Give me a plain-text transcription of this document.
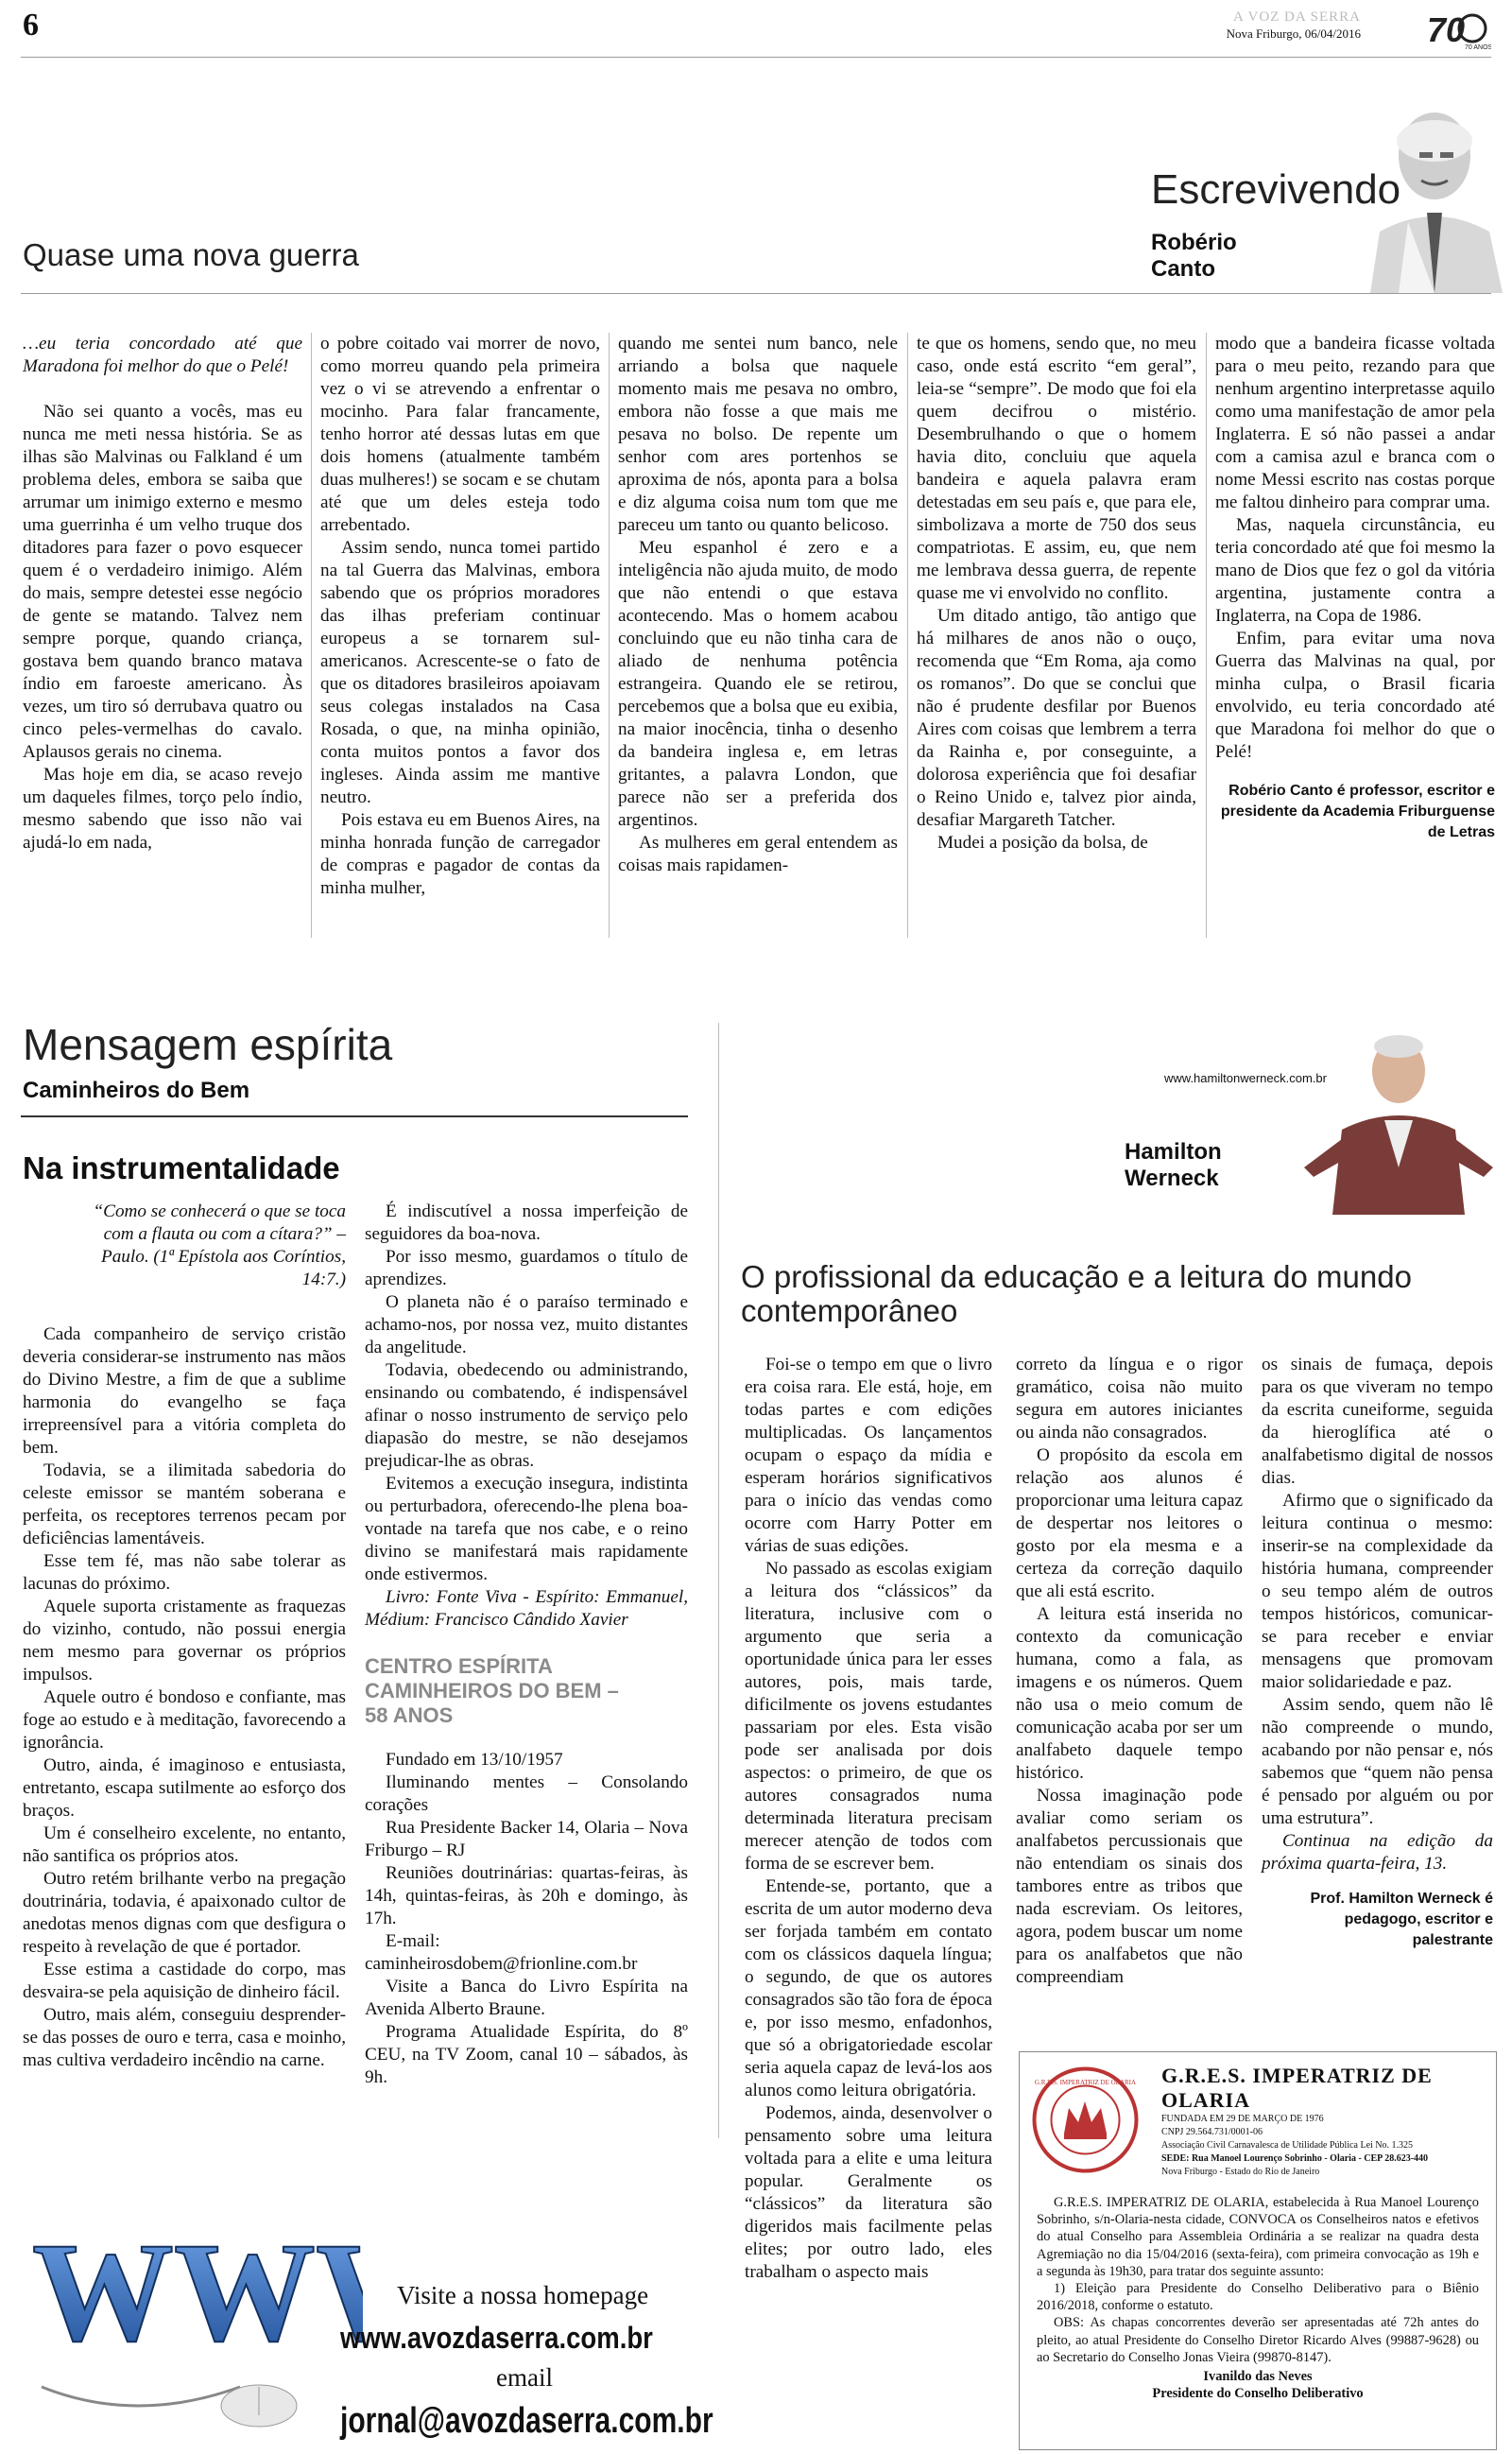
6	A VOZ DA SERRA
Nova Friburgo, 06/04/2016 70 70 ANOS
Escrevivendo
Robério
Canto
Quase uma nova guerra

…eu teria concordado até que Maradona foi melhor do que o Pelé!

Não sei quanto a vocês, mas eu nunca me meti nessa história. Se as ilhas são Malvinas ou Falkland é um problema deles, embora se saiba que arrumar um inimigo externo e mesmo uma guerrinha é um velho truque dos ditadores para fazer o povo esquecer quem é o verdadeiro inimigo. Além do mais, sempre detestei esse negócio de gente se matando. Talvez nem sempre porque, quando criança, gostava bem quando branco matava índio em faroeste americano. Às vezes, um tiro só derrubava quatro ou cinco peles-vermelhas do cavalo. Aplausos gerais no cinema.

Mas hoje em dia, se acaso revejo um daqueles filmes, torço pelo índio, mesmo sabendo que isso não vai ajudá-lo em nada,

o pobre coitado vai morrer de novo, como morreu quando pela primeira vez o vi se atrevendo a enfrentar o mocinho. Para falar francamente, tenho horror até dessas lutas em que dois homens (atualmente também duas mulheres!) se socam e se chutam até que um deles esteja todo arrebentado.

Assim sendo, nunca tomei partido na tal Guerra das Malvinas, embora sabendo que os próprios moradores das ilhas preferiam continuar europeus a se tornarem sul-americanos. Acrescente-se o fato de que os ditadores brasileiros apoiavam seus colegas instalados na Casa Rosada, o que, na minha opinião, conta muitos pontos a favor dos ingleses. Ainda assim me mantive neutro.

Pois estava eu em Buenos Aires, na minha honrada função de carregador de compras e pagador de contas da minha mulher,

quando me sentei num banco, nele arriando a bolsa que naquele momento mais me pesava no ombro, embora não fosse a que mais me pesava no bolso. De repente um senhor com ares portenhos se aproxima de nós, aponta para a bolsa e diz alguma coisa num tom que me pareceu um tanto ou quanto belicoso.

Meu espanhol é zero e a inteligência não ajuda muito, de modo que não entendi o que estava acontecendo. Mas o homem acabou concluindo que eu não tinha cara de aliado de nenhuma potência estrangeira. Quando ele se retirou, percebemos que a bolsa que eu exibia, na maior inocência, tinha o desenho da bandeira inglesa e, em letras gritantes, a palavra London, que parece não ser a preferida dos argentinos.

As mulheres em geral entendem as coisas mais rapidamen-

te que os homens, sendo que, no meu caso, onde está escrito “em geral”, leia-se “sempre”. De modo que foi ela quem decifrou o mistério. Desembrulhando o que o homem havia dito, concluiu que aquela bandeira e aquela palavra eram detestadas em seu país e, que para ele, simbolizava a morte de 750 dos seus compatriotas. E assim, eu, que nem me lembrava dessa guerra, de repente quase me vi envolvido no conflito.

Um ditado antigo, tão antigo que há milhares de anos não o ouço, recomenda que “Em Roma, aja como os romanos”. Do que se conclui que não é prudente desfilar por Buenos Aires com coisas que lembrem a terra da Rainha e, por conseguinte, a dolorosa experiência que foi desafiar o Reino Unido e, talvez pior ainda, desafiar Margareth Tatcher.

Mudei a posição da bolsa, de

modo que a bandeira ficasse voltada para o meu peito, rezando para que nenhum argentino interpretasse aquilo como uma manifestação de amor pela Inglaterra. E só não passei a andar com a camisa azul e branca com o nome Messi escrito nas costas porque me faltou dinheiro para comprar uma.

Mas, naquela circunstância, eu teria concordado até que foi mesmo la mano de Dios que fez o gol da vitória argentina, justamente contra a Inglaterra, na Copa de 1986.

Enfim, para evitar uma nova Guerra das Malvinas na qual, por minha culpa, o Brasil ficaria envolvido, eu teria concordado até que Maradona foi melhor do que o Pelé!

Robério Canto é professor, escritor e presidente da Academia Friburguense de Letras
Mensagem espírita
Caminheiros do Bem
Na instrumentalidade

“Como se conhecerá o que se toca com a flauta ou com a cítara?” – Paulo. (1ª Epístola aos Coríntios, 14:7.)

Cada companheiro de serviço cristão deveria considerar-se instrumento nas mãos do Divino Mestre, a fim de que a sublime harmonia do evangelho se faça irrepreensível para a vitória completa do bem.

Todavia, se a ilimitada sabedoria do celeste emissor se mantém soberana e perfeita, os receptores terrenos pecam por deficiências lamentáveis.

Esse tem fé, mas não sabe tolerar as lacunas do próximo.

Aquele suporta cristamente as fraquezas do vizinho, contudo, não possui energia nem mesmo para governar os próprios impulsos.

Aquele outro é bondoso e confiante, mas foge ao estudo e à meditação, favorecendo a ignorância.

Outro, ainda, é imaginoso e entusiasta, entretanto, escapa sutilmente ao esforço dos braços.

Um é conselheiro excelente, no entanto, não santifica os próprios atos.

Outro retém brilhante verbo na pregação doutrinária, todavia, é apaixonado cultor de anedotas menos dignas com que desfigura o respeito à revelação de que é portador.

Esse estima a castidade do corpo, mas desvaira-se pela aquisição de dinheiro fácil.

Outro, mais além, conseguiu desprender-se das posses de ouro e terra, casa e moinho, mas cultiva verdadeiro incêndio na carne.

É indiscutível a nossa imperfeição de seguidores da boa-nova.

Por isso mesmo, guardamos o título de aprendizes.

O planeta não é o paraíso terminado e achamo-nos, por nossa vez, muito distantes da angelitude.

Todavia, obedecendo ou administrando, ensinando ou combatendo, é indispensável afinar o nosso instrumento de serviço pelo diapasão do mestre, se não desejamos prejudicar-lhe as obras.

Evitemos a execução insegura, indistinta ou perturbadora, oferecendo-lhe plena boa-vontade na tarefa que nos cabe, e o reino divino se manifestará mais rapidamente onde estivermos.

Livro: Fonte Viva - Espírito: Emmanuel, Médium: Francisco Cândido Xavier

CENTRO ESPÍRITA CAMINHEIROS DO BEM – 58 ANOS

Fundado em 13/10/1957

Iluminando mentes – Consolando corações

Rua Presidente Backer 14, Olaria – Nova Friburgo – RJ

Reuniões doutrinárias: quartas-feiras, às 14h, quintas-feiras, às 20h e domingo, às 17h.

E-mail: caminheirosdobem@frionline.com.br

Visite a Banca do Livro Espírita na Avenida Alberto Braune.

Programa Atualidade Espírita, do 8º CEU, na TV Zoom, canal 10 – sábados, às 9h.

WW	Visite a nossa homepage
www.avozdaserra.com.br
email
jornal@avozdaserra.com.br
www.hamiltonwerneck.com.br
Hamilton
Werneck
O profissional da educação e a leitura do mundo contemporâneo

Foi-se o tempo em que o livro era coisa rara. Ele está, hoje, em todas partes e com edições multiplicadas. Os lançamentos ocupam o espaço da mídia e esperam horários significativos para o início das vendas como ocorre com Harry Potter em várias de suas edições.

No passado as escolas exigiam a leitura dos “clássicos” da literatura, inclusive com o argumento que seria a oportunidade única para ler esses autores, pois, mais tarde, dificilmente os jovens estudantes passariam por eles. Esta visão pode ser analisada por dois aspectos: o primeiro, de que os autores consagrados numa determinada literatura precisam merecer atenção de todos com forma de se escrever bem.

Entende-se, portanto, que a escrita de um autor moderno deva ser forjada também em contato com os clássicos daquela língua; o segundo, de que os autores consagrados são tão fora de época e, por isso mesmo, enfadonhos, que só a obrigatoriedade escolar seria aquela capaz de levá-los aos alunos como leitura obrigatória.

Podemos, ainda, desenvolver o pensamento sobre uma leitura voltada para a elite e uma leitura popular. Geralmente os “clássicos” da literatura são digeridos mais facilmente pelas elites; por outro lado, eles trabalham o aspecto mais

correto da língua e o rigor gramático, coisa não muito segura em autores iniciantes ou ainda não consagrados.

O propósito da escola em relação aos alunos é proporcionar uma leitura capaz de despertar nos leitores o gosto por ela mesma e a certeza da correção daquilo que ali está escrito.

A leitura está inserida no contexto da comunicação humana, como a fala, as imagens e os números. Quem não usa o meio comum de comunicação acaba por ser um analfabeto daquele tempo histórico.

Nossa imaginação pode avaliar como seriam os analfabetos percussionais que não entendiam os sinais dos tambores entre as tribos que nada escreviam. Os leitores, agora, podem buscar um nome para os analfabetos que não compreendiam

os sinais de fumaça, depois para os que viveram no tempo da escrita cuneiforme, seguida da hieroglífica até o analfabetismo digital de nossos dias.

Afirmo que o significado da leitura continua o mesmo: inserir-se na complexidade da história humana, compreender o seu tempo além de outros tempos históricos, comunicar-se para receber e enviar mensagens que promovam maior solidariedade e paz.

Assim sendo, quem não lê não compreende o mundo, acabando por não pensar e, nós sabemos que “quem não pensa é pensado por alguém ou por uma estrutura”.

Continua na edição da próxima quarta-feira, 13.

Prof. Hamilton Werneck é pedagogo, escritor e palestrante
G.R.E.S. IMPERATRIZ DE OLARIA G.R.E.S. IMPERATRIZ DE OLARIA
FUNDADA EM 29 DE MARÇO DE 1976
CNPJ 29.564.731/0001-06
Associação Civil Carnavalesca de Utilidade Pública Lei No. 1.325
SEDE: Rua Manoel Lourenço Sobrinho - Olaria - CEP 28.623-440
Nova Friburgo - Estado do Rio de Janeiro

G.R.E.S. IMPERATRIZ DE OLARIA, estabelecida à Rua Manoel Lourenço Sobrinho, s/n-Olaria-nesta cidade, CONVOCA os Conselheiros natos e efetivos do atual Conselho para Assembleia Ordinária a se realizar na quadra desta Agremiação no dia 15/04/2016 (sexta-feira), com primeira convocação as 19h e a segunda às 19h30, para tratar dos seguinte assunto:

1) Eleição para Presidente do Conselho Deliberativo para o Biênio 2016/2018, conforme o estatuto.

OBS: As chapas concorrentes deverão ser apresentadas até 72h antes do pleito, ao atual Presidente do Conselho Diretor Ricardo Alves (99887-9628) ou ao Secretario do Conselho Jonas Vieira (99870-8147).

Ivanildo das Neves
Presidente do Conselho Deliberativo
